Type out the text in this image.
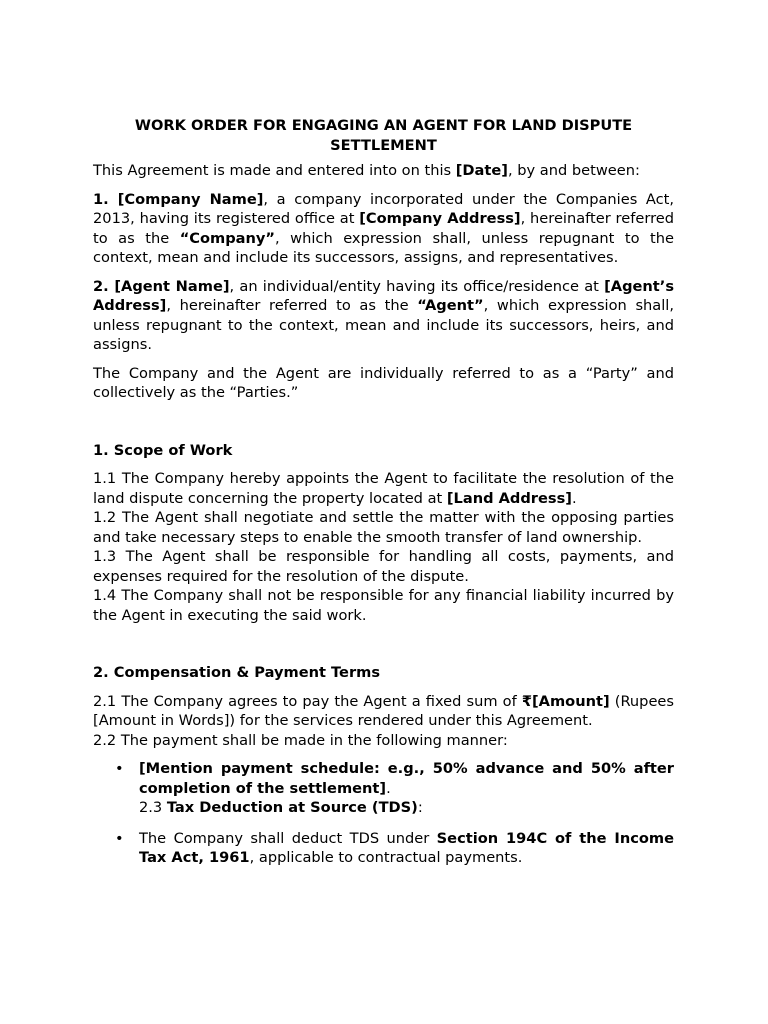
WORK ORDER FOR ENGAGING AN AGENT FOR LAND DISPUTE
SETTLEMENT

This Agreement is made and entered into on this [Date], by and between:

1. [Company Name], a company incorporated under the Companies Act, 2013, having its registered office at [Company Address], hereinafter referred to as the “Company”, which expression shall, unless repugnant to the context, mean and include its successors, assigns, and representatives.

2. [Agent Name], an individual/entity having its office/residence at [Agent’s Address], hereinafter referred to as the “Agent”, which expression shall, unless repugnant to the context, mean and include its successors, heirs, and assigns.

The Company and the Agent are individually referred to as a “Party” and collectively as the “Parties.”

1. Scope of Work
1.1 The Company hereby appoints the Agent to facilitate the resolution of the land dispute concerning the property located at [Land Address].
1.2 The Agent shall negotiate and settle the matter with the opposing parties and take necessary steps to enable the smooth transfer of land ownership.
1.3 The Agent shall be responsible for handling all costs, payments, and expenses required for the resolution of the dispute.
1.4 The Company shall not be responsible for any financial liability incurred by the Agent in executing the said work.
2. Compensation & Payment Terms
2.1 The Company agrees to pay the Agent a fixed sum of ₹[Amount] (Rupees [Amount in Words]) for the services rendered under this Agreement.
2.2 The payment shall be made in the following manner:
• [Mention payment schedule: e.g., 50% advance and 50% after completion of the settlement].
2.3 Tax Deduction at Source (TDS):
• The Company shall deduct TDS under Section 194C of the Income Tax Act, 1961, applicable to contractual payments.
